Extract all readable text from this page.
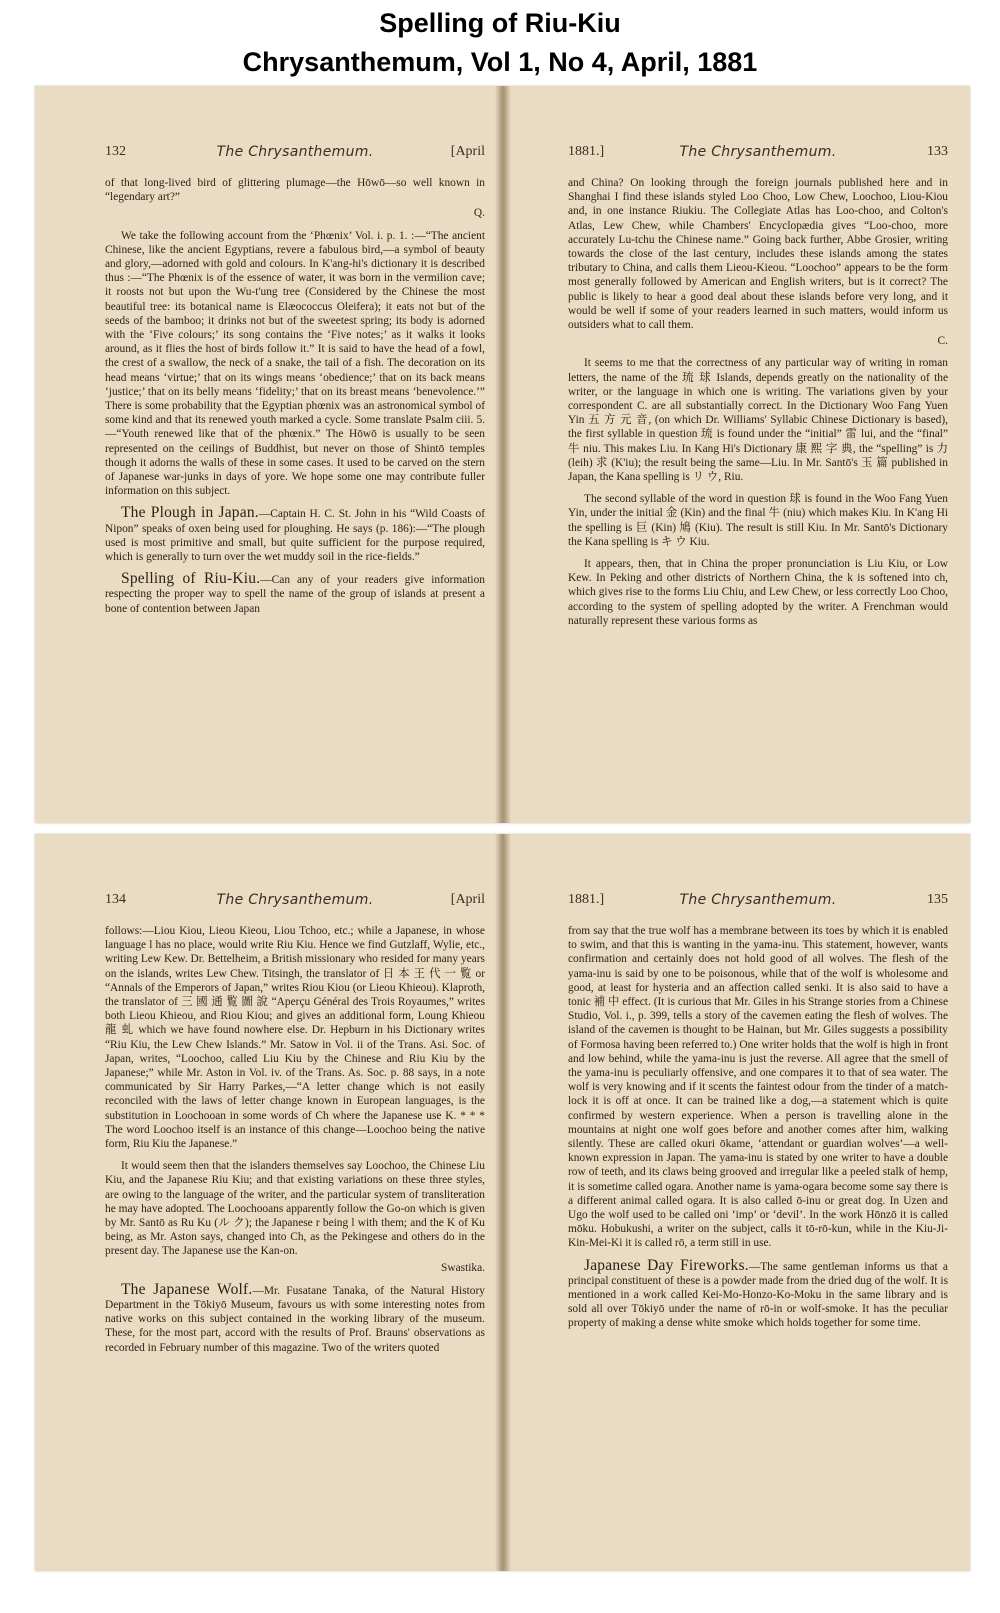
Spelling of Riu-Kiu
Chrysanthemum, Vol 1, No 4, April, 1881
132	The Chrysanthemum.	[April

of that long-lived bird of glittering plumage—the Hōwō—so well known in “legendary art?”

Q.

We take the following account from the ‘Phœnix’ Vol. i. p. 1. :—“The ancient Chinese, like the ancient Egyptians, revere a fabulous bird,—a symbol of beauty and glory,—adorned with gold and colours. In K'ang-hi's dictionary it is described thus :—“The Phœnix is of the essence of water, it was born in the vermilion cave; it roosts not but upon the Wu-t'ung tree (Considered by the Chinese the most beautiful tree: its botanical name is Elæococcus Oleifera); it eats not but of the seeds of the bamboo; it drinks not but of the sweetest spring; its body is adorned with the ‘Five colours;’ its song contains the ‘Five notes;’ as it walks it looks around, as it flies the host of birds follow it.” It is said to have the head of a fowl, the crest of a swallow, the neck of a snake, the tail of a fish. The decoration on its head means ‘virtue;’ that on its wings means ‘obedience;’ that on its back means ‘justice;’ that on its belly means ‘fidelity;’ that on its breast means ‘benevolence.’” There is some probability that the Egyptian phœnix was an astronomical symbol of some kind and that its renewed youth marked a cycle. Some translate Psalm ciii. 5.—“Youth renewed like that of the phœnix.” The Hōwō is usually to be seen represented on the ceilings of Buddhist, but never on those of Shintō temples though it adorns the walls of these in some cases. It used to be carved on the stern of Japanese war-junks in days of yore. We hope some one may contribute fuller information on this subject.

The Plough in Japan.—Captain H. C. St. John in his “Wild Coasts of Nipon” speaks of oxen being used for ploughing. He says (p. 186):—“The plough used is most primitive and small, but quite sufficient for the purpose required, which is generally to turn over the wet muddy soil in the rice-fields.”

Spelling of Riu-Kiu.—Can any of your readers give information respecting the proper way to spell the name of the group of islands at present a bone of contention between Japan

1881.]	The Chrysanthemum.	133

and China? On looking through the foreign journals published here and in Shanghai I find these islands styled Loo Choo, Low Chew, Loochoo, Liou-Kiou and, in one instance Riukiu. The Collegiate Atlas has Loo-choo, and Colton's Atlas, Lew Chew, while Chambers' Encyclopædia gives “Loo-choo, more accurately Lu-tchu the Chinese name.” Going back further, Abbe Grosier, writing towards the close of the last century, includes these islands among the states tributary to China, and calls them Lieou-Kieou. “Loochoo” appears to be the form most generally followed by American and English writers, but is it correct? The public is likely to hear a good deal about these islands before very long, and it would be well if some of your readers learned in such matters, would inform us outsiders what to call them.

C.

It seems to me that the correctness of any particular way of writing in roman letters, the name of the 琉 球 Islands, depends greatly on the nationality of the writer, or the language in which one is writing. The variations given by your correspondent C. are all substantially correct. In the Dictionary Woo Fang Yuen Yin 五 方 元 音, (on which Dr. Williams' Syllabic Chinese Dictionary is based), the first syllable in question 琉 is found under the “initial” 雷 lui, and the “final” 牛 niu. This makes Liu. In Kang Hi's Dictionary 康 熙 字 典, the “spelling” is 力 (leih) 求 (K'iu); the result being the same—Liu. In Mr. Santō's 玉 篇 published in Japan, the Kana spelling is リ ウ, Riu.

The second syllable of the word in question 球 is found in the Woo Fang Yuen Yin, under the initial 金 (Kin) and the final 牛 (niu) which makes Kiu. In K'ang Hi the spelling is 巨 (Kin) 鳩 (Kiu). The result is still Kiu. In Mr. Santō's Dictionary the Kana spelling is キ ウ Kiu.

It appears, then, that in China the proper pronunciation is Liu Kiu, or Low Kew. In Peking and other districts of Northern China, the k is softened into ch, which gives rise to the forms Liu Chiu, and Lew Chew, or less correctly Loo Choo, according to the system of spelling adopted by the writer. A Frenchman would naturally represent these various forms as

134	The Chrysanthemum.	[April

follows:—Liou Kiou, Lieou Kieou, Liou Tchoo, etc.; while a Japanese, in whose language l has no place, would write Riu Kiu. Hence we find Gutzlaff, Wylie, etc., writing Lew Kew. Dr. Bettelheim, a British missionary who resided for many years on the islands, writes Lew Chew. Titsingh, the translator of 日 本 王 代 一 覧 or “Annals of the Emperors of Japan,” writes Riou Kiou (or Lieou Khieou). Klaproth, the translator of 三 國 通 覧 圖 說 “Aperçu Général des Trois Royaumes,” writes both Lieou Khieou, and Riou Kiou; and gives an additional form, Loung Khieou 龍 虬 which we have found nowhere else. Dr. Hepburn in his Dictionary writes “Riu Kiu, the Lew Chew Islands.” Mr. Satow in Vol. ii of the Trans. Asi. Soc. of Japan, writes, “Loochoo, called Liu Kiu by the Chinese and Riu Kiu by the Japanese;” while Mr. Aston in Vol. iv. of the Trans. As. Soc. p. 88 says, in a note communicated by Sir Harry Parkes,—“A letter change which is not easily reconciled with the laws of letter change known in European languages, is the substitution in Loochooan in some words of Ch where the Japanese use K. * * * The word Loochoo itself is an instance of this change—Loochoo being the native form, Riu Kiu the Japanese.”

It would seem then that the islanders themselves say Loochoo, the Chinese Liu Kiu, and the Japanese Riu Kiu; and that existing variations on these three styles, are owing to the language of the writer, and the particular system of transliteration he may have adopted. The Loochooans apparently follow the Go-on which is given by Mr. Santō as Ru Ku (ル ク); the Japanese r being l with them; and the K of Ku being, as Mr. Aston says, changed into Ch, as the Pekingese and others do in the present day. The Japanese use the Kan-on.

Swastika.

The Japanese Wolf.—Mr. Fusatane Tanaka, of the Natural History Department in the Tōkiyō Museum, favours us with some interesting notes from native works on this subject contained in the working library of the museum. These, for the most part, accord with the results of Prof. Brauns' observations as recorded in February number of this magazine. Two of the writers quoted

1881.]	The Chrysanthemum.	135

from say that the true wolf has a membrane between its toes by which it is enabled to swim, and that this is wanting in the yama-inu. This statement, however, wants confirmation and certainly does not hold good of all wolves. The flesh of the yama-inu is said by one to be poisonous, while that of the wolf is wholesome and good, at least for hysteria and an affection called senki. It is also said to have a tonic 補 中 effect. (It is curious that Mr. Giles in his Strange stories from a Chinese Studio, Vol. i., p. 399, tells a story of the cavemen eating the flesh of wolves. The island of the cavemen is thought to be Hainan, but Mr. Giles suggests a possibility of Formosa having been referred to.) One writer holds that the wolf is high in front and low behind, while the yama-inu is just the reverse. All agree that the smell of the yama-inu is peculiarly offensive, and one compares it to that of sea water. The wolf is very knowing and if it scents the faintest odour from the tinder of a match-lock it is off at once. It can be trained like a dog,—a statement which is quite confirmed by western experience. When a person is travelling alone in the mountains at night one wolf goes before and another comes after him, walking silently. These are called okuri ōkame, ‘attendant or guardian wolves’—a well-known expression in Japan. The yama-inu is stated by one writer to have a double row of teeth, and its claws being grooved and irregular like a peeled stalk of hemp, it is sometime called ogara. Another name is yama-ogara become some say there is a different animal called ogara. It is also called ō-inu or great dog. In Uzen and Ugo the wolf used to be called oni ‘imp’ or ‘devil’. In the work Hōnzō it is called mōku. Hobukushi, a writer on the subject, calls it tō-rō-kun, while in the Kiu-Ji-Kin-Mei-Ki it is called rō, a term still in use.

Japanese Day Fireworks.—The same gentleman informs us that a principal constituent of these is a powder made from the dried dug of the wolf. It is mentioned in a work called Kei-Mo-Honzo-Ko-Moku in the same library and is sold all over Tōkiyō under the name of rō-in or wolf-smoke. It has the peculiar property of making a dense white smoke which holds together for some time.
